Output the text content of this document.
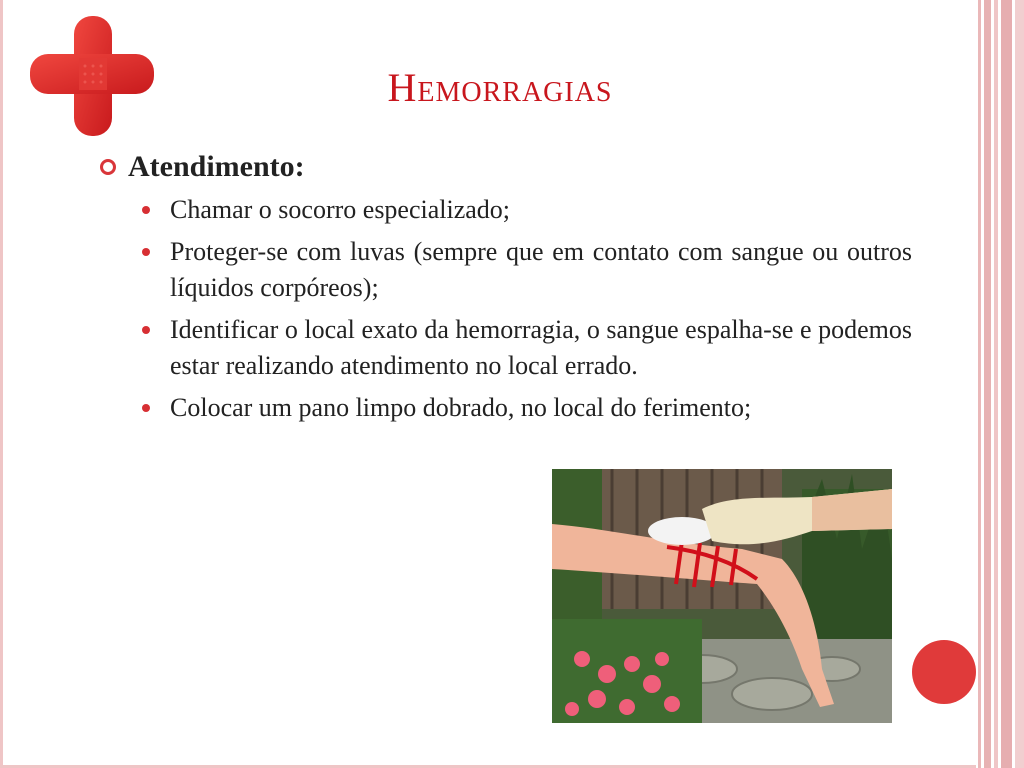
Hemorragias
Atendimento:
Chamar o socorro especializado;
Proteger-se com luvas (sempre que em contato com sangue ou outros líquidos corpóreos);
Identificar o local exato da hemorragia, o sangue espalha-se e podemos estar realizando atendimento no local errado.
Colocar um pano limpo dobrado, no local do ferimento;
